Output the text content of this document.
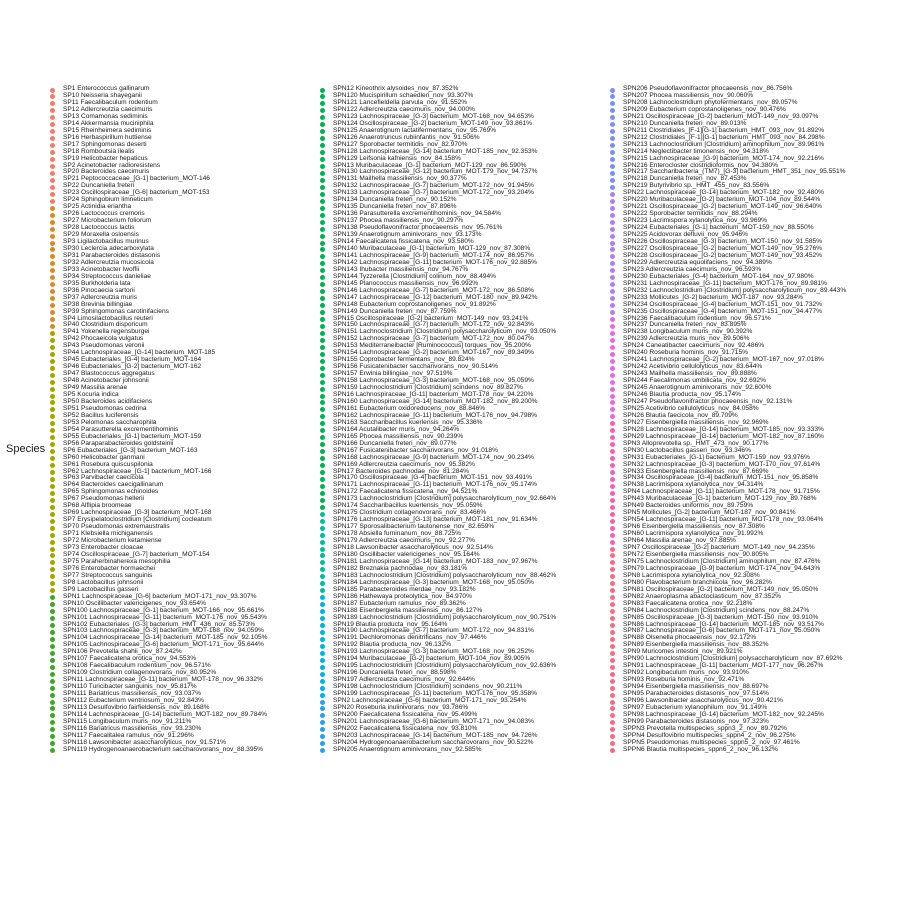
Species
SP1 Enterococcus gallinarum
SP10 Neisseria shayeganii
SP11 Faecalibaculum rodentium
SP12 Adlercreutzia caecimuris
SP13 Comamonas sediminis
SP14 Akkermansia muciniphila
SP15 Rheinheimera sediminis
SP16 Herbaspirillum huttiense
SP17 Sphingomonas deserti
SP18 Romboutsia ilealis
SP19 Helicobacter hepaticus
SP2 Acinetobacter radioresistens
SP20 Bacteroides caecimuris
SP21 Peptococcaceae_[G-1] bacterium_MOT-146
SP22 Duncaniella freteri
SP23 Oscillospiraceae_[G-6] bacterium_MOT-153
SP24 Sphingobium limneticum
SP25 Actinidia erianthа
SP26 Lactococcus cremoris
SP27 Microbacterium foliorum
SP28 Lactococcus lactis
SP29 Moraxella osloensis
SP3 Ligilactobacillus murinus
SP30 Leclercia adecarboxylata
SP31 Parabacteroides distasonis
SP32 Adlercreutzia mucosicola
SP33 Acinetobacter lwoffii
SP34 Streptococcus danieliae
SP35 Burkholderia lata
SP36 Pinocaecia sartorii
SP37 Adlercreutzia muris
SP38 Brevinia billingiae
SP39 Sphingomonas carotinifaciens
SP4 Limosilactobacillus reuteri
SP40 Clostridium disporicum
SP41 Yokenella regensburgei
SP42 Phocaeicola vulgatus
SP43 Pseudomonas veronii
SP44 Lachnospiraceae_[G-14] bacterium_MOT-185
SP45 Eubacteriales_[G-4] bacterium_MOT-164
SP46 Eubacteriales_[G-2] bacterium_MOT-162
SP47 Blastococcus aggregatus
SP48 Acinetobacter johnsonii
SP49 Massilia arenae
SP5 Kocuria indica
SP50 Bacteroides acidifaciens
SP51 Pseudomonas cedrina
SP52 Bacillus luciferensis
SP53 Pelomonas saccharophila
SP54 Parasutterella excrementihominis
SP55 Eubacteriales_[G-1] bacterium_MOT-159
SP56 Paraparabacteroides goldsteinii
SP6 Eubacteriales_[G-3] bacterium_MOT-163
SP60 Helicobacter ganmani
SP61 Rosebura quiscuspilonia
SP62 Lachnospiraceae_[G-1] bacterium_MOT-166
SP63 Parvibacter caecicola
SP64 Bacteroides caecigallinarum
SP65 Sphingomonas echinoides
SP67 Pseudomonas hellerii
SP68 Alflipia broomeae
SP69 Lachnospiraceae_[G-3] bacterium_MOT-168
SP7 Erysipelatoclostridium [Clostridium] cocleatum
SP70 Pseudomonas extremaustralis
SP71 Klebsiella michiganensis
SP72 Microbacterium ketamiense
SP73 Enterobacter cloacae
SP74 Oscillospiraceae_[G-7] bacterium_MOT-154
SP75 Paraherbinaherexa mesophilia
SP76 Enterobacter hormaechei
SP77 Streptococcus sanguinis
SP8 Lactobacillus johnsonii
SP9 Lactobacillus gasseri
SPN1 Lachnospiraceae_[G-6] bacterium_MOT-171_nov_93.307%
SPN10 Oscillibacter valericigenes_nov_93.654%
SPN100 Lachnospiraceae_[G-1] bacterium_MOT-166_nov_95.661%
SPN101 Lachnospiraceae_[G-11] bacterium_MOT-176_nov_95.543%
SPN102 Eubacteriales_[G-3] bacterium_HMT_436_nov_85.573%
SPN103 Lachnospiraceae_[G-3] bacterium_MOT-168_nov_94.059%
SPN104 Lachnospiraceae_[G-14] bacterium_MOT-185_nov_92.105%
SPN105 Lachnospiraceae_[G-6] bacterium_MOT-171_nov_95.644%
SPN106 Prevotella shahii_nov_87.242%
SPN107 Faecalicatena orotica_nov_94.553%
SPN108 Faecalibaculum rodentium_nov_96.571%
SPN109 Clostridium collagenovorans_nov_80.952%
SPN11 Lachnospiraceae_[G-11] bacterium_MOT-178_nov_96.332%
SPN110 Turicibacter sanguinis_nov_95.817%
SPN111 Bariatricus massiliensis_nov_93.037%
SPN112 Eubacterium ventriosum_nov_92.843%
SPN113 Desulfovibrio fairfieldensis_nov_89.168%
SPN114 Lachnospiraceae_[G-14] bacterium_MOT-182_nov_89.784%
SPN115 Longibaculum muris_nov_91.211%
SPN116 Bariatricus massiliensis_nov_93.230%
SPN117 Faecalitalea ramulus_nov_91.296%
SPN118 Lawsonibacter asaccharolyticus_nov_91.571%
SPN119 Hydrogenoanaerobacterium saccharovorans_nov_88.395%
SPN12 Kineothrix alysoides_nov_87.352%
SPN120 Mucispirillum schaedleri_nov_93.307%
SPN121 Lancefieldella parvula_nov_91.552%
SPN122 Adlercreutzia caecimuris_nov_94.000%
SPN123 Lachnospiraceae_[G-3] bacterium_MOT-168_nov_94.653%
SPN124 Oscillospiraceae_[G-2] bacterium_MOT-149_nov_93.861%
SPN125 Anaerotignum lactatifermentans_nov_95.769%
SPN126 Anaerotruncus rubiinfantis_nov_91.506%
SPN127 Sporobacter termitidis_nov_82.970%
SPN128 Lachnospiraceae_[G-14] bacterium_MOT-185_nov_92.353%
SPN129 Leifsonia kafniensis_nov_84.158%
SPN13 Muribaculaceae_[G-1] bacterium_MOT-129_nov_86.590%
SPN130 Lachnospiraceae_[G-12] bacterium_MOT-179_nov_94.737%
SPN131 Mailhella massiliensis_nov_90.377%
SPN132 Lachnospiraceae_[G-7] bacterium_MOT-172_nov_91.945%
SPN133 Lachnospiraceae_[G-7] bacterium_MOT-172_nov_93.204%
SPN134 Duncaniella freteri_nov_90.152%
SPN135 Duncaniella freteri_nov_87.896%
SPN136 Parasutterella excrementihominis_nov_94.584%
SPN137 Phocea massiliensis_nov_90.297%
SPN138 Pseudoflavonifractor phocaeensis_nov_95.761%
SPN139 Anaerotignum aminivorans_nov_93.173%
SPN14 Faecalicatena fissicatena_nov_93.580%
SPN140 Muribaculaceae_[G-1] bacterium_MOT-129_nov_87.308%
SPN141 Lachnospiraceae_[G-9] bacterium_MOT-174_nov_86.957%
SPN142 Lachnospiraceae_[G-11] bacterium_MOT-176_nov_92.885%
SPN143 Ihubacter massiliensis_nov_94.767%
SPN144 Tyzzerella [Clostridium] colinum_nov_88.494%
SPN145 Planococcus massiliensis_nov_96.992%
SPN146 Lachnospiraceae_[G-7] bacterium_MOT-172_nov_86.508%
SPN147 Lachnospiraceae_[G-12] bacterium_MOT-180_nov_89.942%
SPN148 Eubacterium coprostanoligenes_nov_91.892%
SPN149 Duncaniella freteri_nov_87.759%
SPN15 Oscillospiraceae_[G-2] bacterium_MOT-149_nov_93.241%
SPN150 Lachnospiraceae_[G-7] bacterium_MOT-172_nov_92.843%
SPN151 Lachnoclostridium [Clostridium] polysaccharolyticum_nov_93.050%
SPN152 Lachnospiraceae_[G-7] bacterium_MOT-172_nov_80.047%
SPN153 Mediterraneibacter [Ruminococcus] torques_nov_95.200%
SPN154 Lachnospiraceae_[G-2] bacterium_MOT-167_nov_89.349%
SPN155 Coprobacter fermentans_nov_89.824%
SPN156 Fusicatenibacter saccharivorans_nov_90.514%
SPN157 Erwinia billingiae_nov_97.519%
SPN158 Lachnospiraceae_[G-3] bacterium_MOT-168_nov_95.059%
SPN159 Lachnoclostridium [Clostridium] scindens_nov_89.827%
SPN16 Lachnospiraceae_[G-11] bacterium_MOT-178_nov_94.220%
SPN160 Lachnospiraceae_[G-14] bacterium_MOT-182_nov_89.200%
SPN161 Eubacterium oxidoreducens_nov_88.846%
SPN162 Lachnospiraceae_[G-11] bacterium_MOT-176_nov_94.798%
SPN163 Saccharibacillus kuerlensis_nov_95.336%
SPN164 Acutalibacter muris_nov_94.264%
SPN165 Phocea massiliensis_nov_90.239%
SPN166 Duncaniella freteri_nov_89.077%
SPN167 Fusicatenibacter saccharivorans_nov_91.018%
SPN168 Lachnospiraceae_[G-9] bacterium_MOT-174_nov_90.234%
SPN169 Adlercreutzia caecimuris_nov_95.382%
SPN17 Bacteroides pachnodae_nov_81.284%
SPN170 Oscillospiraceae_[G-4] bacterium_MOT-151_nov_93.491%
SPN171 Lachnospiraceae_[G-11] bacterium_MOT-176_nov_95.174%
SPN172 Faecalicatena fissicatena_nov_94.521%
SPN173 Lachnoclostridium [Clostridium] polysaccharolyticum_nov_92.664%
SPN174 Saccharibacillus kuerlensis_nov_95.059%
SPN175 Clostridium collagenovorans_nov_83.466%
SPN176 Lachnospiraceae_[G-13] bacterium_MOT-181_nov_91.634%
SPN177 Sporosalibacterium tautonense_nov_82.659%
SPN178 Absiella furninanum_nov_88.725%
SPN179 Adlercreutzia caecimuris_nov_92.277%
SPN18 Lawsonibacter asaccharolyticus_nov_92.514%
SPN180 Oscillibacter valericigenes_nov_95.164%
SPN181 Lachnospiraceae_[G-14] bacterium_MOT-183_nov_97.967%
SPN182 Breznakia pachnodae_nov_83.181%
SPN183 Lachnoclostridium [Clostridium] polysaccharolyticum_nov_88.462%
SPN184 Lachnospiraceae_[G-3] bacterium_MOT-168_nov_95.050%
SPN185 Parabacteroides merdae_nov_93.182%
SPN186 Hathewaya proteolytica_nov_84.970%
SPN187 Eubacterium ramulus_nov_89.362%
SPN188 Eisenbergiella massiliensis_nov_86.127%
SPN189 Lachnoclostridium [Clostridium] polysaccharolyticum_nov_90.751%
SPN19 Blautia producta_nov_95.164%
SPN190 Lachnospiraceae_[G-7] bacterium_MOT-172_nov_94.831%
SPN191 Dechloromonas denitrificans_nov_97.446%
SPN192 Blautia producta_nov_96.132%
SPN193 Lachnospiraceae_[G-3] bacterium_MOT-168_nov_96.252%
SPN194 Muribaculaceae_[G-2] bacterium_MOT-104_nov_89.905%
SPN195 Lachnoclostridium [Clostridium] polysaccharolyticum_nov_92.636%
SPN196 Duncaniella freteri_nov_88.598%
SPN197 Adlercreutzia caecimuris_nov_92.644%
SPN198 Lachnoclostridium [Clostridium] scindens_nov_90.211%
SPN199 Lachnospiraceae_[G-11] bacterium_MOT-176_nov_95.358%
SPN2 Lachnospiraceae_[G-6] bacterium_MOT-171_nov_93.254%
SPN20 Roseburia inulinivorans_nov_93.786%
SPN200 Faecalicatena fissicatena_nov_95.499%
SPN201 Lachnospiraceae_[G-6] bacterium_MOT-171_nov_94.083%
SPN202 Faecalicatena fissicatena_nov_93.810%
SPN203 Lachnospiraceae_[G-14] bacterium_MOT-185_nov_94.726%
SPN204 Hydrogenoanaerobacterium saccharovorans_nov_90.522%
SPN205 Anaerotignum aminivorans_nov_92.585%
SPN206 Pseudoflavonifractor phocaeensis_nov_86.756%
SPN207 Phocea massiliensis_nov_90.060%
SPN208 Lachnoclostridium phytofermentans_nov_89.057%
SPN209 Eubacterium coprostanoligenes_nov_90.476%
SPN21 Oscillospiraceae_[G-2] bacterium_MOT-149_nov_93.097%
SPN210 Duncaniella freteri_nov_89.013%
SPN211 Clostridiales_[F-1][G-1] bacterium_HMT_093_nov_91.892%
SPN212 Clostridiales_[F-1][G-1] bacterium_HMT_093_nov_84.298%
SPN213 Lachnoclostridium [Clostridium] aminophilum_nov_89.961%
SPN214 Neglectibacter timonensis_nov_94.318%
SPN215 Lachnospiraceae_[G-9] bacterium_MOT-174_nov_92.216%
SPN216 Enterocloster clostridioformis_nov_94.380%
SPN217 Saccharibacteria_(TM7)_[G-3] bacterium_HMT_351_nov_95.551%
SPN218 Duncaniella freteri_nov_87.453%
SPN219 Butyrivibrio sp._HMT_455_nov_83.556%
SPN22 Lachnospiraceae_[G-14] bacterium_MOT-182_nov_92.480%
SPN220 Muribaculaceae_[G-2] bacterium_MOT-104_nov_89.544%
SPN221 Oscillospiraceae_[G-2] bacterium_MOT-149_nov_96.640%
SPN222 Sporobacter termitidis_nov_88.294%
SPN223 Lacrimispora xylanolytica_nov_93.969%
SPN224 Eubacteriales_[G-1] bacterium_MOT-159_nov_88.550%
SPN225 Acidovorax defluvii_nov_95.946%
SPN226 Oscillospiraceae_[G-3] bacterium_MOT-150_nov_91.585%
SPN227 Oscillospiraceae_[G-2] bacterium_MOT-149_nov_95.276%
SPN228 Oscillospiraceae_[G-2] bacterium_MOT-149_nov_93.452%
SPN229 Adlercreutzia equolifaciens_nov_94.389%
SPN23 Adlercreutzia caecimuris_nov_96.593%
SPN230 Eubacteriales_[G-4] bacterium_MOT-164_nov_97.980%
SPN231 Lachnospiraceae_[G-11] bacterium_MOT-176_nov_89.981%
SPN232 Lachnoclostridium [Clostridium] polysaccharolyticum_nov_89.443%
SPN233 Mollicutes_[G-2] bacterium_MOT-187_nov_93.284%
SPN234 Oscillospiraceae_[G-4] bacterium_MOT-151_nov_91.732%
SPN235 Oscillospiraceae_[G-4] bacterium_MOT-151_nov_94.477%
SPN236 Faecalibaculum rodentium_nov_96.571%
SPN237 Duncaniella freteri_nov_83.895%
SPN238 Longibaculum muris_nov_90.392%
SPN239 Adlercreutzia muris_nov_89.506%
SPN24 Caneatibacter caecimuris_nov_92.486%
SPN240 Roseburia hominis_nov_91.715%
SPN241 Lachnospiraceae_[G-2] bacterium_MOT-167_nov_97.018%
SPN242 Acetivibrio cellulolyticus_nov_83.644%
SPN243 Mailhella massiliensis_nov_89.888%
SPN244 Faecalimonas umbilicata_nov_92.692%
SPN245 Anaerotignum aminivorans_nov_92.600%
SPN246 Blautia producta_nov_95.174%
SPN247 Pseudoflavonifractor phocaeensis_nov_92.131%
SPN25 Acetivibrio cellulolyticus_nov_84.058%
SPN26 Blautia faecicola_nov_89.709%
SPN27 Eisenbergiella massiliensis_nov_92.969%
SPN28 Lachnospiraceae_[G-14] bacterium_MOT-185_nov_93.333%
SPN29 Lachnospiraceae_[G-14] bacterium_MOT-182_nov_87.160%
SPN3 Alloprevotella sp._HMT_473_nov_90.177%
SPN30 Lactobacillus gasseri_nov_93.346%
SPN31 Eubacteriales_[G-1] bacterium_MOT-159_nov_93.976%
SPN32 Lachnospiraceae_[G-3] bacterium_MOT-170_nov_97.614%
SPN33 Eisenbergiella massiliensis_nov_87.669%
SPN34 Oscillospiraceae_[G-4] bacterium_MOT-151_nov_95.858%
SPN38 Lacrimispora xylanolytica_nov_94.314%
SPN4 Lachnospiraceae_[G-11] bacterium_MOT-178_nov_91.715%
SPN43 Muribaculaceae_[G-1] bacterium_MOT-129_nov_89.768%
SPN49 Bacteroides uniformis_nov_89.759%
SPN5 Mollicutes_[G-2] bacterium_MOT-187_nov_90.841%
SPN54 Lachnospiraceae_[G-11] bacterium_MOT-178_nov_93.064%
SPN6 Eisenbergiella massiliensis_nov_87.308%
SPN60 Lacrimispora xylanolytica_nov_91.992%
SPN64 Massilia arenae_nov_97.885%
SPN7 Oscillospiraceae_[G-2] bacterium_MOT-149_nov_94.235%
SPN72 Eisenbergiella massiliensis_nov_90.805%
SPN75 Lachnoclostridium [Clostridium] aminophilum_nov_87.476%
SPN79 Lachnospiraceae_[G-9] bacterium_MOT-174_nov_94.643%
SPN8 Lacrimispora xylanolytica_nov_92.308%
SPN80 Flavobacterium branchiicola_nov_96.282%
SPN81 Oscillospiraceae_[G-2] bacterium_MOT-149_nov_95.050%
SPN82 Anaeroplasma abactoclasticum_nov_87.352%
SPN83 Faecalicatena orotica_nov_92.218%
SPN84 Lachnoclostridium [Clostridium] scindens_nov_88.247%
SPN85 Oscillospiraceae_[G-3] bacterium_MOT-150_nov_93.910%
SPN86 Lachnospiraceae_[G-14] bacterium_MOT-185_nov_93.517%
SPN87 Lachnospiraceae_[G-6] bacterium_MOT-171_nov_95.050%
SPN88 Olsenella phocaeensis_nov_92.172%
SPN89 Eisenbergiella massiliensis_nov_88.352%
SPN9 Muricomes intestini_nov_89.921%
SPN90 Lachnoclostridium [Clostridium] polysaccharolyticum_nov_87.692%
SPN91 Lachnospiraceae_[G-11] bacterium_MOT-177_nov_96.267%
SPN92 Longibaculum muris_nov_93.910%
SPN93 Roseburia hominis_nov_92.471%
SPN94 Eisenbergiella massiliensis_nov_88.697%
SPN95 Parabacteroides distasonis_nov_97.514%
SPN96 Lawsonibacter asaccharolyticus_nov_90.421%
SPN97 Eubacterium xylanophilum_nov_91.149%
SPN98 Lachnospiraceae_[G-14] bacterium_MOT-182_nov_92.245%
SPN99 Parabacteroides distasonis_nov_97.323%
SPPN3 Prevotella multispecies_sppn3_2_nov_89.792%
SPPN4 Desulfovibrio multispecies_sppn4_2_nov_96.275%
SPPN5 Pseudomonas multispecies_sppn5_2_nov_97.461%
SPPN6 Blautia multispecies_sppn6_2_nov_96.132%
